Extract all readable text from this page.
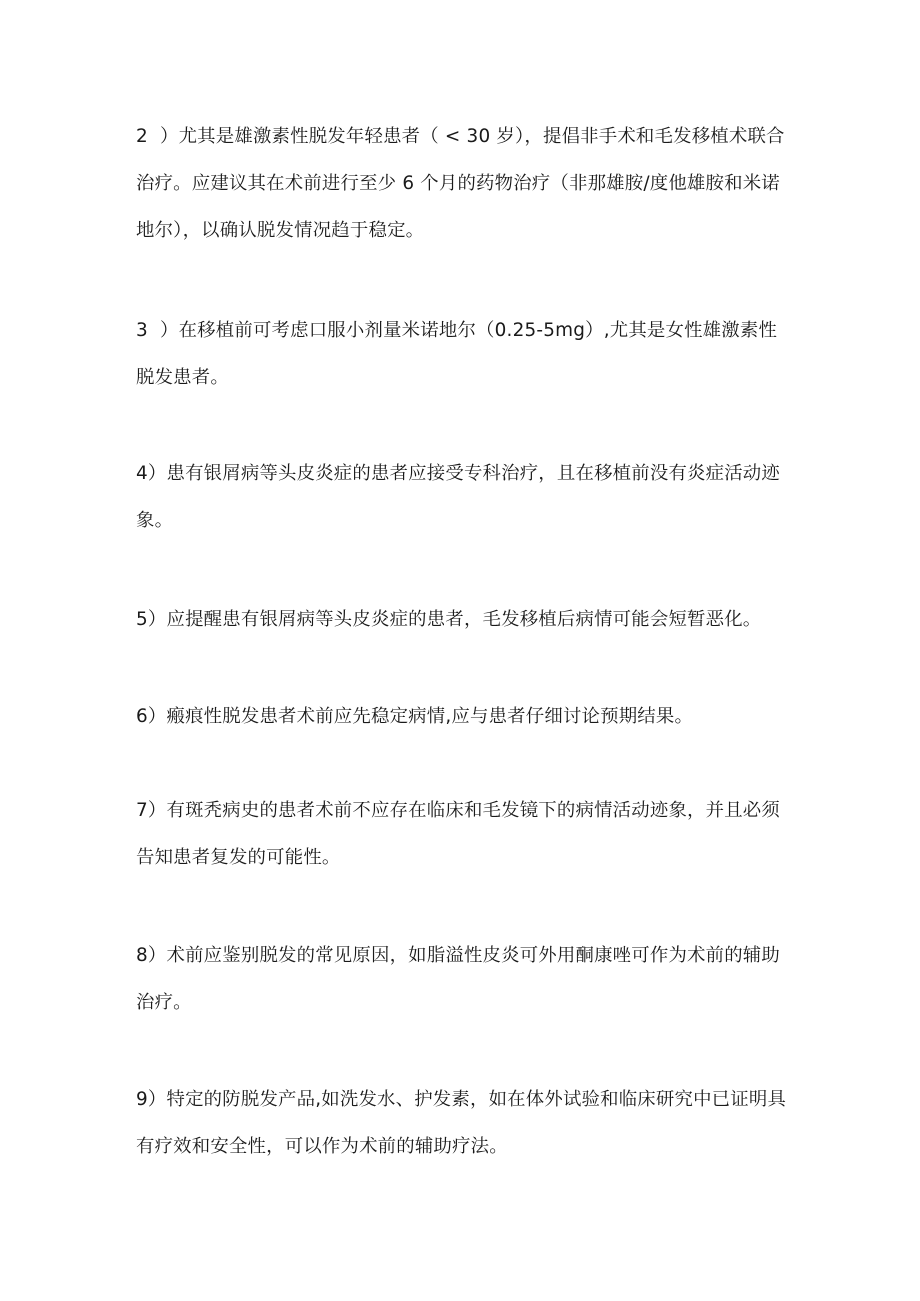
2  ）尤其是雄激素性脱发年轻患者（ < 30 岁），提倡非手术和毛发移植术联合
治疗。应建议其在术前进行至少 6 个月的药物治疗（非那雄胺/度他雄胺和米诺
地尔），以确认脱发情况趋于稳定。

3  ）在移植前可考虑口服小剂量米诺地尔（0.25-5mg）,尤其是女性雄激素性
脱发患者。

4）患有银屑病等头皮炎症的患者应接受专科治疗，且在移植前没有炎症活动迹
象。

5）应提醒患有银屑病等头皮炎症的患者，毛发移植后病情可能会短暂恶化。

6）瘢痕性脱发患者术前应先稳定病情,应与患者仔细讨论预期结果。

7）有斑秃病史的患者术前不应存在临床和毛发镜下的病情活动迹象，并且必须
告知患者复发的可能性。

8）术前应鉴别脱发的常见原因，如脂溢性皮炎可外用酮康唑可作为术前的辅助
治疗。

9）特定的防脱发产品,如洗发水、护发素，如在体外试验和临床研究中已证明具
有疗效和安全性，可以作为术前的辅助疗法。
